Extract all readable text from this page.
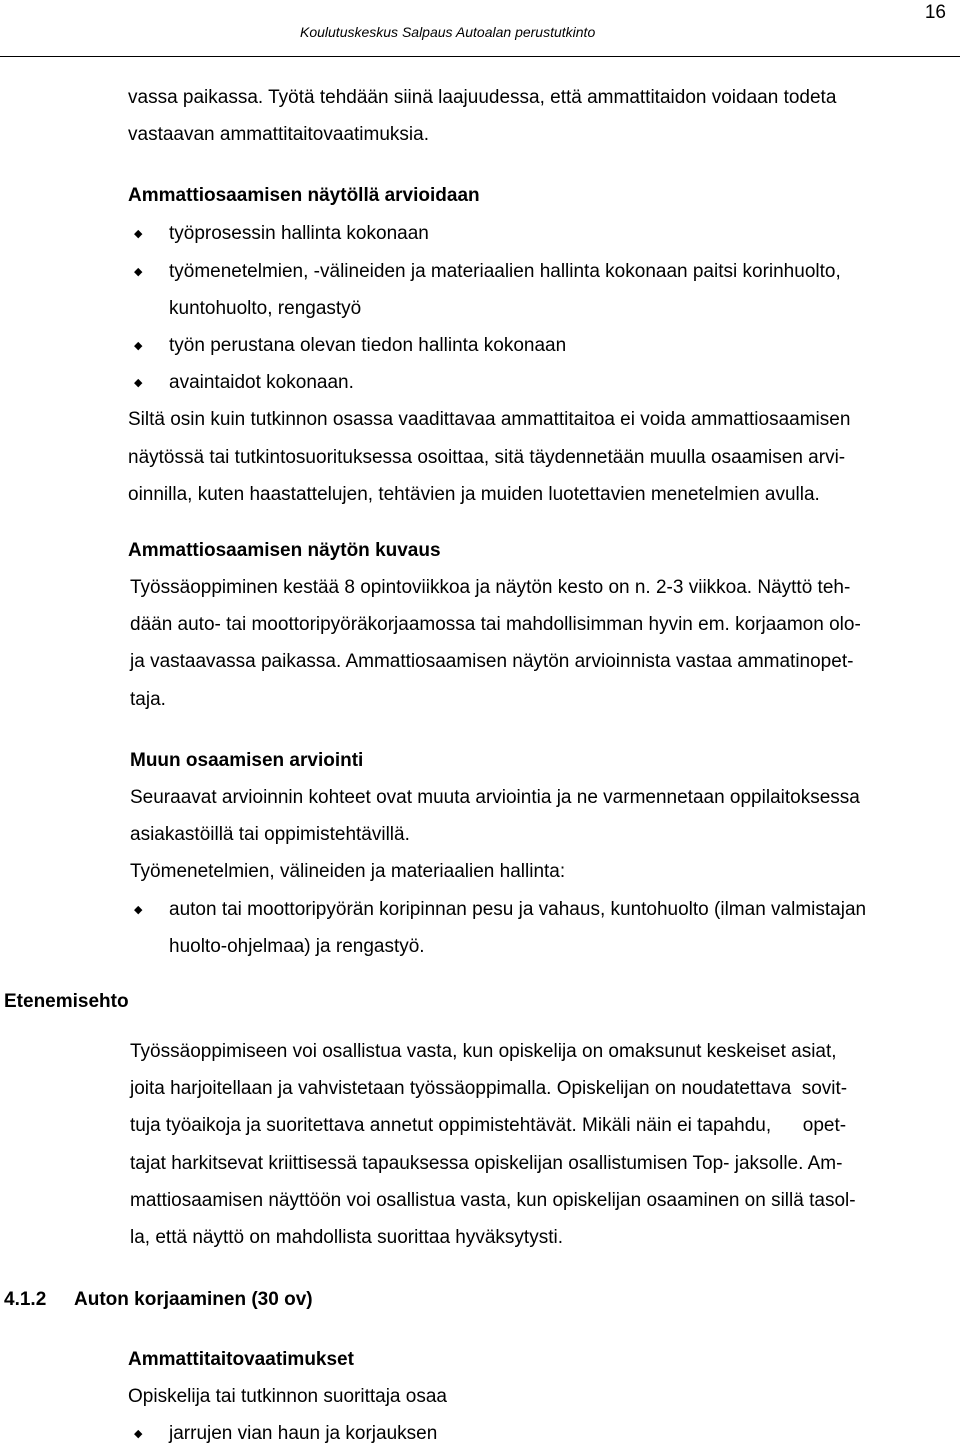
16
Koulutuskeskus Salpaus Autoalan perustutkinto
vassa paikassa. Työtä tehdään siinä laajuudessa, että ammattitaidon voidaan todeta
vastaavan ammattitaitovaatimuksia.
Ammattiosaamisen näytöllä arvioidaan
◆ työprosessin hallinta kokonaan
◆ työmenetelmien, -välineiden ja materiaalien hallinta kokonaan paitsi korinhuolto,
kuntohuolto, rengastyö
◆ työn perustana olevan tiedon hallinta kokonaan
◆ avaintaidot kokonaan.
Siltä osin kuin tutkinnon osassa vaadittavaa ammattitaitoa ei voida ammattiosaamisen
näytössä tai tutkintosuorituksessa osoittaa, sitä täydennetään muulla osaamisen arvi-
oinnilla, kuten haastattelujen, tehtävien ja muiden luotettavien menetelmien avulla.
Ammattiosaamisen näytön kuvaus
Työssäoppiminen kestää 8 opintoviikkoa ja näytön kesto on n. 2-3 viikkoa. Näyttö teh-
dään auto- tai moottoripyöräkorjaamossa tai mahdollisimman hyvin em. korjaamon olo-
ja vastaavassa paikassa. Ammattiosaamisen näytön arvioinnista vastaa ammatinopet-
taja.
Muun osaamisen arviointi
Seuraavat arvioinnin kohteet ovat muuta arviointia ja ne varmennetaan oppilaitoksessa
asiakastöillä tai oppimistehtävillä.
Työmenetelmien, välineiden ja materiaalien hallinta:
◆ auton tai moottoripyörän koripinnan pesu ja vahaus, kuntohuolto (ilman valmistajan
huolto-ohjelmaa) ja rengastyö.
Etenemisehto
Työssäoppimiseen voi osallistua vasta, kun opiskelija on omaksunut keskeiset asiat,
joita harjoitellaan ja vahvistetaan työssäoppimalla. Opiskelijan on noudatettava  sovit-
tuja työaikoja ja suoritettava annetut oppimistehtävät. Mikäli näin ei tapahdu,      opet-
tajat harkitsevat kriittisessä tapauksessa opiskelijan osallistumisen Top- jaksolle. Am-
mattiosaamisen näyttöön voi osallistua vasta, kun opiskelijan osaaminen on sillä tasol-
la, että näyttö on mahdollista suorittaa hyväksytysti.
4.1.2 Auton korjaaminen (30 ov)
Ammattitaitovaatimukset
Opiskelija tai tutkinnon suorittaja osaa
◆ jarrujen vian haun ja korjauksen
